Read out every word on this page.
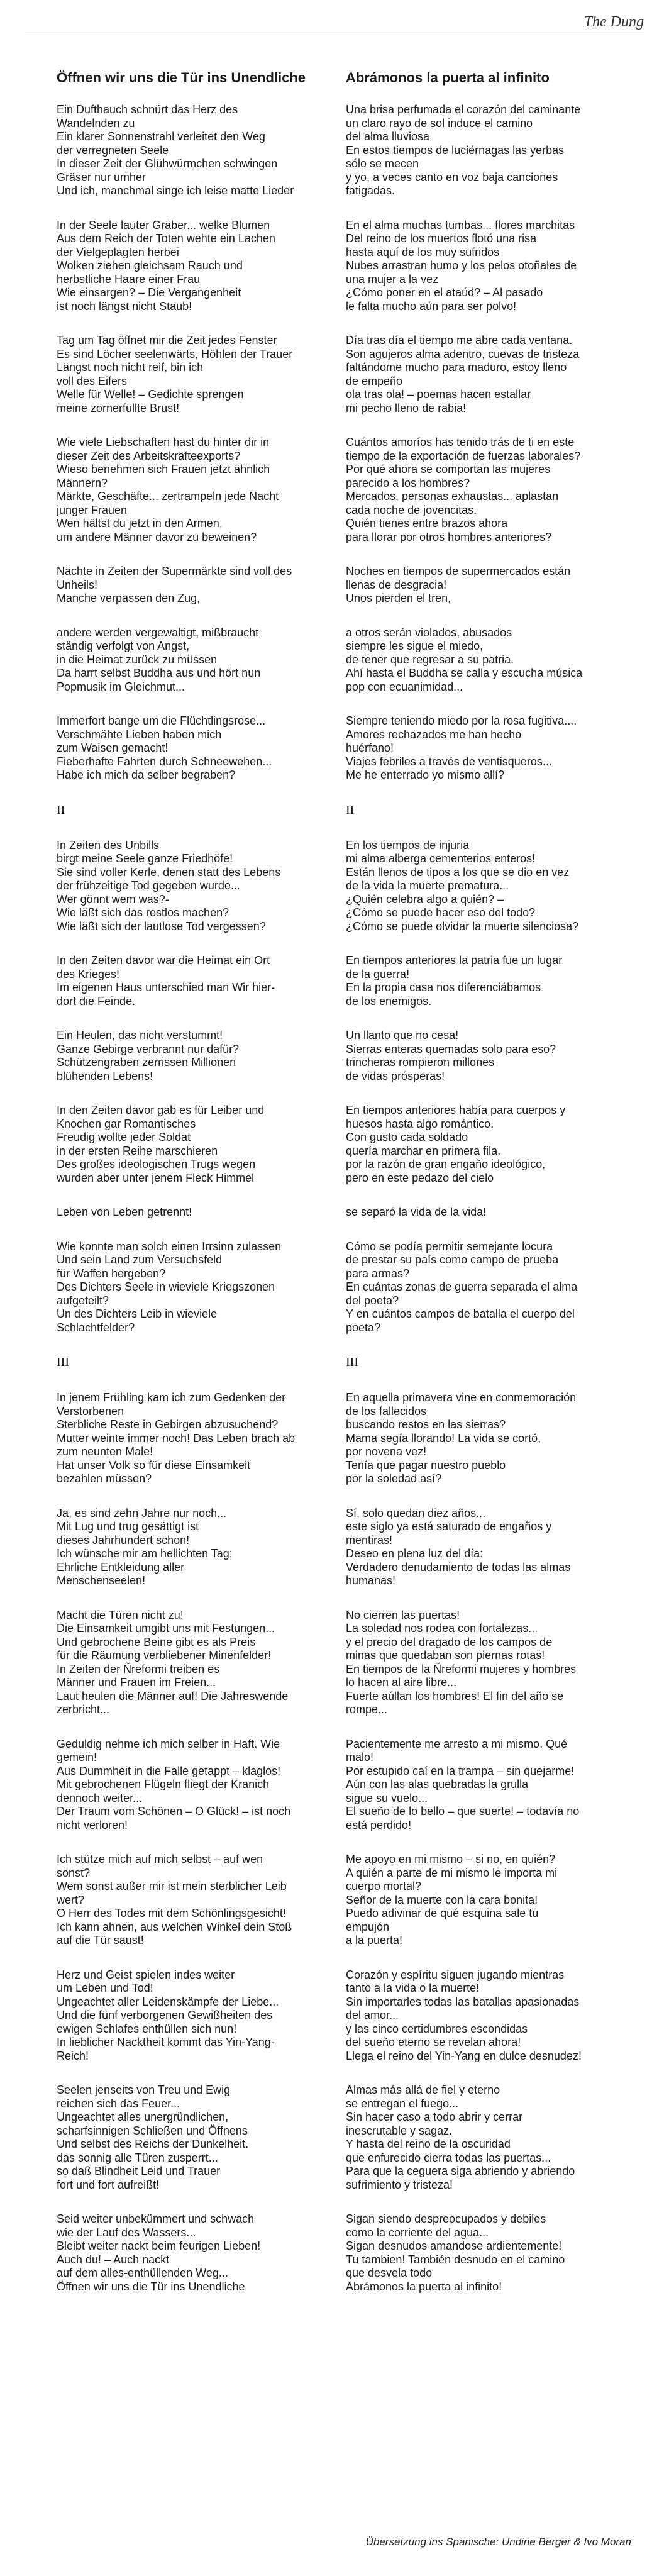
The Dung
Öffnen wir uns die Tür ins Unendliche
Ein Dufthauch schnürt das Herz des
Wandelnden zu
Ein klarer Sonnenstrahl verleitet den Weg
der verregneten Seele
In dieser Zeit der Glühwürmchen schwingen
Gräser nur umher
Und ich, manchmal singe ich leise matte Lieder
In der Seele lauter Gräber... welke Blumen
Aus dem Reich der Toten wehte ein Lachen
der Vielgeplagten herbei
Wolken ziehen gleichsam Rauch und
herbstliche Haare einer Frau
Wie einsargen? – Die Vergangenheit
ist noch längst nicht Staub!
Tag um Tag öffnet mir die Zeit jedes Fenster
Es sind Löcher seelenwärts, Höhlen der Trauer
Längst noch nicht reif, bin ich
voll des Eifers
Welle für Welle! – Gedichte sprengen
meine zornerfüllte Brust!
Wie viele Liebschaften hast du hinter dir in
dieser Zeit des Arbeitskräfteexports?
Wieso benehmen sich Frauen jetzt ähnlich
Männern?
Märkte, Geschäfte... zertrampeln jede Nacht
junger Frauen
Wen hältst du jetzt in den Armen,
um andere Männer davor zu beweinen?
Nächte in Zeiten der Supermärkte sind voll des
Unheils!
Manche verpassen den Zug,
andere werden vergewaltigt, mißbraucht
ständig verfolgt von Angst,
in die Heimat zurück zu müssen
Da harrt selbst Buddha aus und hört nun
Popmusik im Gleichmut...
Immerfort bange um die Flüchtlingsrose...
Verschmähte Lieben haben mich
zum Waisen gemacht!
Fieberhafte Fahrten durch Schneewehen...
Habe ich mich da selber begraben?
II
In Zeiten des Unbills
birgt meine Seele ganze Friedhöfe!
Sie sind voller Kerle, denen statt des Lebens
der frühzeitige Tod gegeben wurde...
Wer gönnt wem was?-
Wie läßt sich das restlos machen?
Wie läßt sich der lautlose Tod vergessen?
In den Zeiten davor war die Heimat ein Ort
des Krieges!
Im eigenen Haus unterschied man Wir hier-
dort die Feinde.
Ein Heulen, das nicht verstummt!
Ganze Gebirge verbrannt nur dafür?
Schützengraben zerrissen Millionen
blühenden Lebens!
In den Zeiten davor gab es für Leiber und
Knochen gar Romantisches
Freudig wollte jeder Soldat
in der ersten Reihe marschieren
Des großes ideologischen Trugs wegen
wurden aber unter jenem Fleck Himmel
Leben von Leben getrennt!
Wie konnte man solch einen Irrsinn zulassen
Und sein Land zum Versuchsfeld
für Waffen hergeben?
Des Dichters Seele in wieviele Kriegszonen
aufgeteilt?
Un des Dichters Leib in wieviele
Schlachtfelder?
III
In jenem Frühling kam ich zum Gedenken der
Verstorbenen
Sterbliche Reste in Gebirgen abzusuchend?
Mutter weinte immer noch! Das Leben brach ab
zum neunten Male!
Hat unser Volk so für diese Einsamkeit
bezahlen müssen?
Ja, es sind zehn Jahre nur noch...
Mit Lug und trug gesättigt ist
dieses Jahrhundert schon!
Ich wünsche mir am hellichten Tag:
Ehrliche Entkleidung aller
Menschenseelen!
Macht die Türen nicht zu!
Die Einsamkeit umgibt uns mit Festungen...
Und gebrochene Beine gibt es als Preis
für die Räumung verbliebener Minenfelder!
In Zeiten der Ñreformi treiben es
Männer und Frauen im Freien...
Laut heulen die Männer auf! Die Jahreswende
zerbricht...
Geduldig nehme ich mich selber in Haft. Wie
gemein!
Aus Dummheit in die Falle getappt – klaglos!
Mit gebrochenen Flügeln fliegt der Kranich
dennoch weiter...
Der Traum vom Schönen – O Glück! – ist noch
nicht verloren!
Ich stütze mich auf mich selbst – auf wen
sonst?
Wem sonst außer mir ist mein sterblicher Leib
wert?
O Herr des Todes mit dem Schönlingsgesicht!
Ich kann ahnen, aus welchen Winkel dein Stoß
auf die Tür saust!
Herz und Geist spielen indes weiter
um Leben und Tod!
Ungeachtet aller Leidenskämpfe der Liebe...
Und die fünf verborgenen Gewißheiten des
ewigen Schlafes enthüllen sich nun!
In lieblicher Nacktheit kommt das Yin-Yang-
Reich!
Seelen jenseits von Treu und Ewig
reichen sich das Feuer...
Ungeachtet alles unergründlichen,
scharfsinnigen Schließen und Öffnens
Und selbst des Reichs der Dunkelheit.
das sonnig alle Türen zusperrt...
so daß Blindheit Leid und Trauer
fort und fort aufreißt!
Seid weiter unbekümmert und schwach
wie der Lauf des Wassers...
Bleibt weiter nackt beim feurigen Lieben!
Auch du! – Auch nackt
auf dem alles-enthüllenden Weg...
Öffnen wir uns die Tür ins Unendliche
Abrámonos la puerta al infinito
Una brisa perfumada el corazón del caminante
un claro rayo de sol induce el camino
del alma lluviosa
En estos tiempos de luciérnagas las yerbas
sólo se mecen
y yo, a veces canto en voz baja canciones
fatigadas.
En el alma muchas tumbas... flores marchitas
Del reino de los muertos flotó una risa
hasta aquí de los muy sufridos
Nubes arrastran humo y los pelos otoñales de
una mujer a la vez
¿Cómo poner en el ataúd? – Al pasado
le falta mucho aún para ser polvo!
Día tras día el tiempo me abre cada ventana.
Son agujeros alma adentro, cuevas de tristeza
faltándome mucho para maduro, estoy lleno
de empeño
ola tras ola! – poemas hacen estallar
mi pecho lleno de rabia!
Cuántos amoríos has tenido trás de ti en este
tiempo de la exportación de fuerzas laborales?
Por qué ahora se comportan las mujeres
parecido a los hombres?
Mercados, personas exhaustas... aplastan
cada noche de jovencitas.
Quién tienes entre brazos ahora
para llorar por otros hombres anteriores?
Noches en tiempos de supermercados están
llenas de desgracia!
Unos pierden el tren,
a otros serán violados, abusados
siempre les sigue el miedo,
de tener que regresar a su patria.
Ahí hasta el Buddha se calla y escucha música
pop con ecuanimidad...
Siempre teniendo miedo por la rosa fugitiva....
Amores rechazados me han hecho
huérfano!
Viajes febriles a través de ventisqueros...
Me he enterrado yo mismo allí?
II
En los tiempos de injuria
mi alma alberga cementerios enteros!
Están llenos de tipos a los que se dio en vez
de la vida la muerte prematura...
¿Quién celebra algo a quién? –
¿Cómo se puede hacer eso del todo?
¿Cómo se puede olvidar la muerte silenciosa?
En tiempos anteriores la patria fue un lugar
de la guerra!
En la propia casa nos diferenciábamos
de los enemigos.
Un llanto que no cesa!
Sierras enteras quemadas solo para eso?
trincheras rompieron millones
de vidas prósperas!
En tiempos anteriores había para cuerpos y
huesos hasta algo romántico.
Con gusto cada soldado
quería marchar en primera fila.
por la razón de gran engaño ideológico,
pero en este pedazo del cielo
se separó la vida de la vida!
Cómo se podía permitir semejante locura
de prestar su país como campo de prueba
para armas?
En cuántas zonas de guerra separada el alma
del poeta?
Y en cuántos campos de batalla el cuerpo del
poeta?
III
En aquella primavera vine en conmemoración
de los fallecidos
buscando restos en las sierras?
Mama segía llorando! La vida se cortó,
por novena vez!
Tenía que pagar nuestro pueblo
por la soledad así?
Sí, solo quedan diez años...
este siglo ya está saturado de engaños y
mentiras!
Deseo en plena luz del día:
Verdadero denudamiento de todas las almas
humanas!
No cierren las puertas!
La soledad nos rodea con fortalezas...
y el precio del dragado de los campos de
minas que quedaban son piernas rotas!
En tiempos de la Ñreformi mujeres y hombres
lo hacen al aire libre...
Fuerte aúllan los hombres! El fin del año se
rompe...
Pacientemente me arresto a mi mismo. Qué
malo!
Por estupido caí en la trampa – sin quejarme!
Aún con las alas quebradas la grulla
sigue su vuelo...
El sueño de lo bello – que suerte! – todavía no
está perdido!
Me apoyo en mi mismo – si no, en quién?
A quién a parte de mi mismo le importa mi
cuerpo mortal?
Señor de la muerte con la cara bonita!
Puedo adivinar de qué esquina sale tu
empujón
a la puerta!
Corazón y espíritu siguen jugando mientras
tanto a la vida o la muerte!
Sin importarles todas las batallas apasionadas
del amor...
y las cinco certidumbres escondidas
del sueño eterno se revelan ahora!
Llega el reino del Yin-Yang en dulce desnudez!
Almas más allá de fiel y eterno
se entregan el fuego...
Sin hacer caso a todo abrir y cerrar
inescrutable y sagaz.
Y hasta del reino de la oscuridad
que enfurecido cierra todas las puertas...
Para que la ceguera siga abriendo y abriendo
sufrimiento y tristeza!
Sigan siendo despreocupados y debiles
como la corriente del agua...
Sigan desnudos amandose ardientemente!
Tu tambien! También desnudo en el camino
que desvela todo
Abrámonos la puerta al infinito!
Übersetzung ins Spanische: Undine Berger & Ivo Moran
